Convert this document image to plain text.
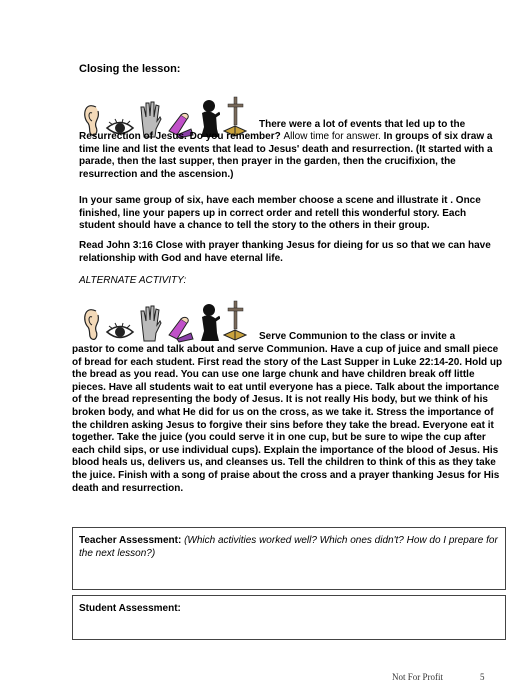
Closing the lesson:
There were a lot of events that led up to the
Resurrection of Jesus. Do you remember? Allow time for answer. In groups of six draw a time line and list the events that lead to Jesus' death and resurrection. (It started with a parade, then the last supper, then prayer in the garden, then the crucifixion, the resurrection and the ascension.)
In your same group of six, have each member choose a scene and illustrate it . Once finished, line your papers up in correct order and retell this wonderful story. Each student should have a chance to tell the story to the others in their group.
Read John 3:16 Close with prayer thanking Jesus for dieing for us so that we can have relationship with God and have eternal life.
ALTERNATE ACTIVITY:
Serve Communion to the class or invite a
pastor to come and talk about and serve Communion. Have a cup of juice and small piece of bread for each student. First read the story of the Last Supper in Luke 22:14-20. Hold up the bread as you read. You can use one large chunk and have children break off little pieces. Have all students wait to eat until everyone has a piece. Talk about the importance of the bread representing the body of Jesus. It is not really His body, but we think of his broken body, and what He did for us on the cross, as we take it. Stress the importance of the children asking Jesus to forgive their sins before they take the bread. Everyone eat it together. Take the juice (you could serve it in one cup, but be sure to wipe the cup after each child sips, or use individual cups). Explain the importance of the blood of Jesus. His blood heals us, delivers us, and cleanses us. Tell the children to think of this as they take the juice. Finish with a song of praise about the cross and a prayer thanking Jesus for His death and resurrection.
Teacher Assessment: (Which activities worked well? Which ones didn't? How do I prepare for the next lesson?)
Student Assessment:
Not For Profit	5
